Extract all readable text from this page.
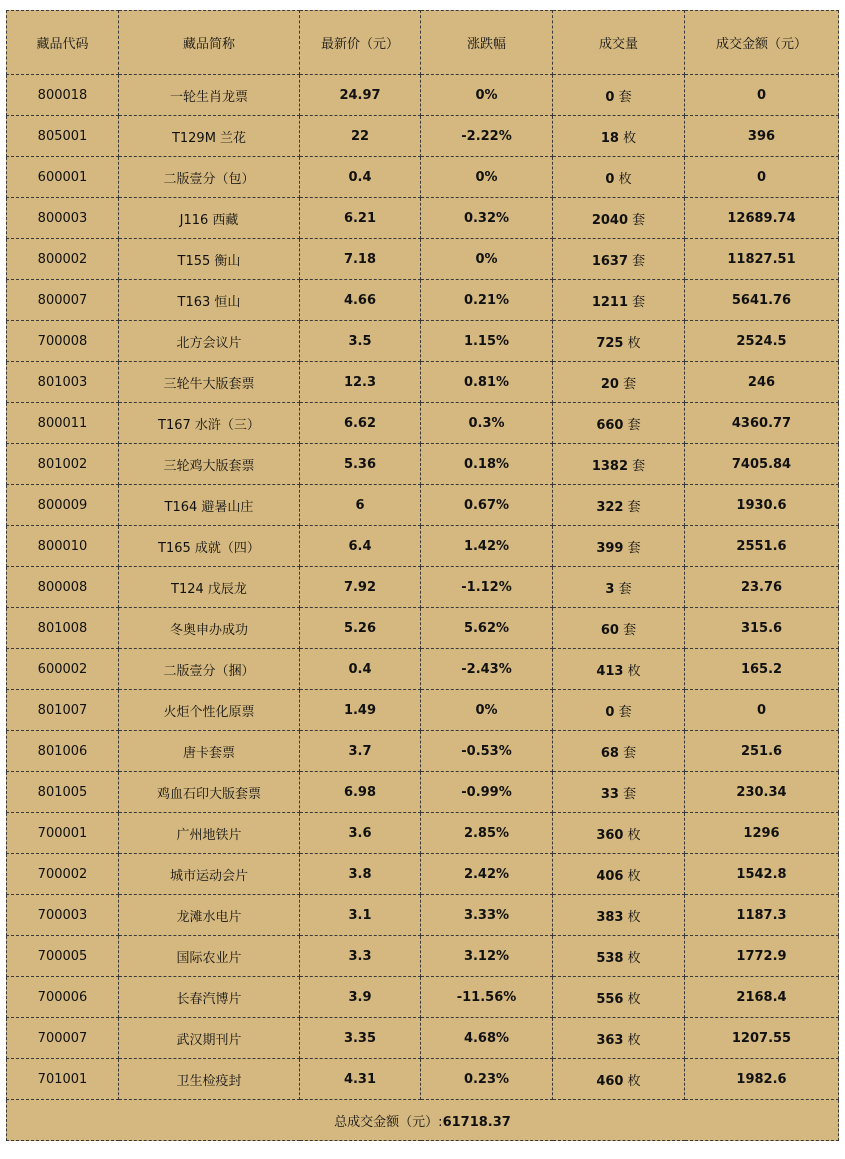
藏品代码	藏品简称	最新价（元）	涨跌幅	成交量	成交金额（元）
800018	一轮生肖龙票	24.97	0%	0 套	0
805001	T129M 兰花	22	-2.22%	18 枚	396
600001	二版壹分（包）	0.4	0%	0 枚	0
800003	J116 西藏	6.21	0.32%	2040 套	12689.74
800002	T155 衡山	7.18	0%	1637 套	11827.51
800007	T163 恒山	4.66	0.21%	1211 套	5641.76
700008	北方会议片	3.5	1.15%	725 枚	2524.5
801003	三轮牛大版套票	12.3	0.81%	20 套	246
800011	T167 水浒（三）	6.62	0.3%	660 套	4360.77
801002	三轮鸡大版套票	5.36	0.18%	1382 套	7405.84
800009	T164 避暑山庄	6	0.67%	322 套	1930.6
800010	T165 成就（四）	6.4	1.42%	399 套	2551.6
800008	T124 戊辰龙	7.92	-1.12%	3 套	23.76
801008	冬奥申办成功	5.26	5.62%	60 套	315.6
600002	二版壹分（捆）	0.4	-2.43%	413 枚	165.2
801007	火炬个性化原票	1.49	0%	0 套	0
801006	唐卡套票	3.7	-0.53%	68 套	251.6
801005	鸡血石印大版套票	6.98	-0.99%	33 套	230.34
700001	广州地铁片	3.6	2.85%	360 枚	1296
700002	城市运动会片	3.8	2.42%	406 枚	1542.8
700003	龙滩水电片	3.1	3.33%	383 枚	1187.3
700005	国际农业片	3.3	3.12%	538 枚	1772.9
700006	长春汽博片	3.9	-11.56%	556 枚	2168.4
700007	武汉期刊片	3.35	4.68%	363 枚	1207.55
701001	卫生检疫封	4.31	0.23%	460 枚	1982.6
总成交金额（元）:61718.37					
